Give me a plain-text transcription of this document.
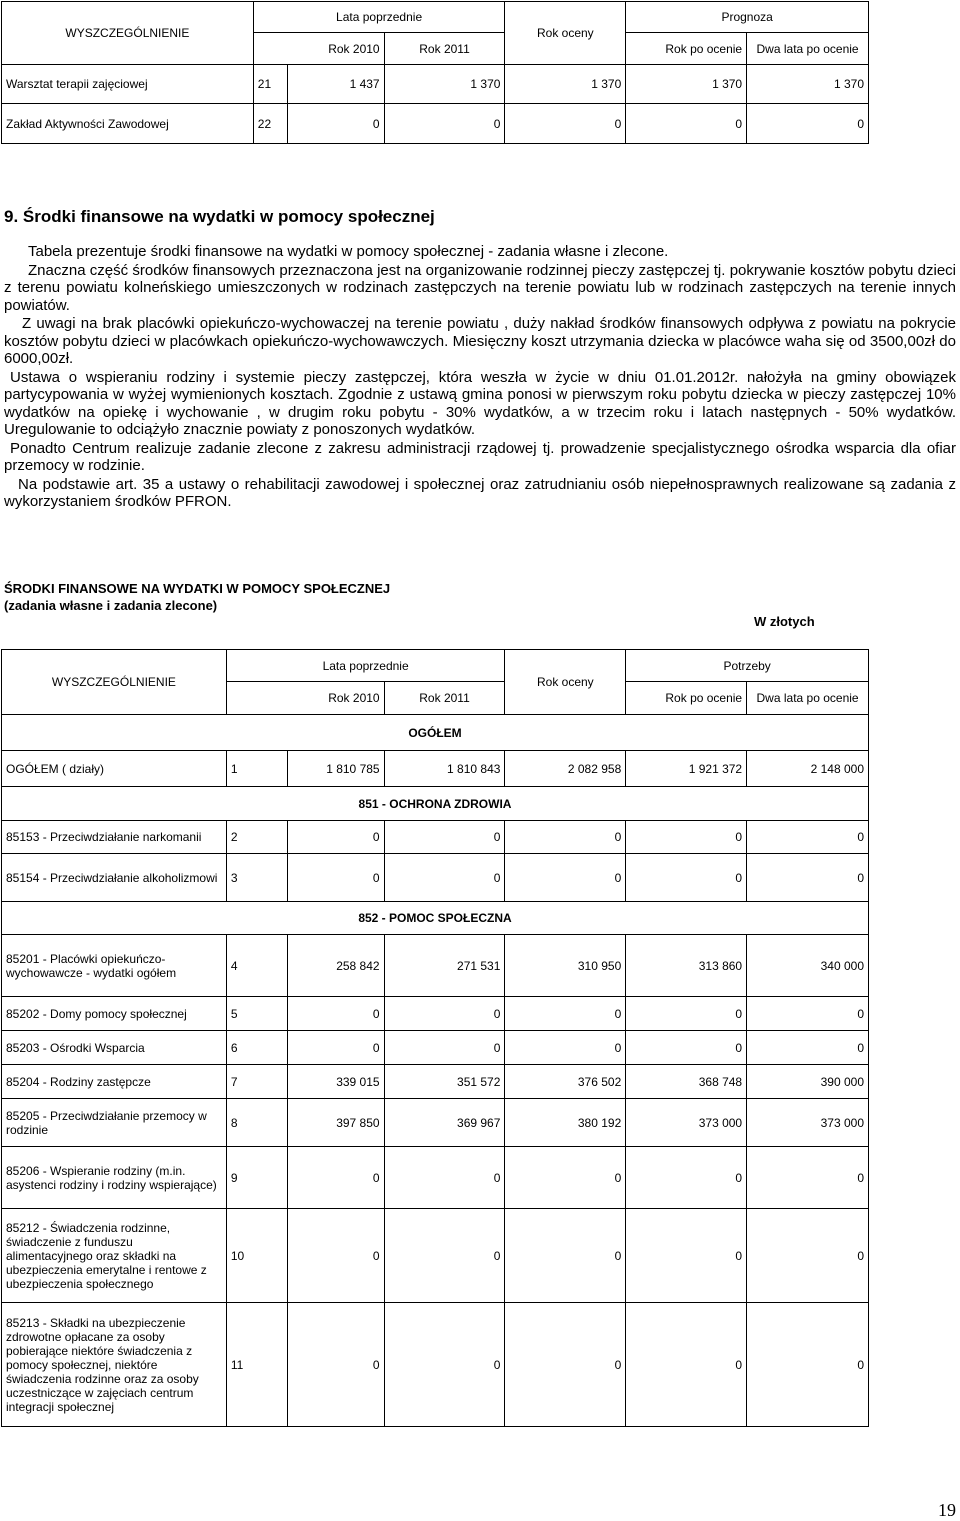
WYSZCZEGÓLNIENIE	Lata poprzednie			Rok oceny	Prognoza	
	Rok 2010		Rok 2011		Rok po ocenie	Dwa lata po ocenie
Warsztat terapii zajęciowej	21	1 437	1 370	1 370	1 370	1 370
Zakład Aktywności Zawodowej	22	0	0	0	0	0
9. Środki finansowe na wydatki w pomocy społecznej

Tabela prezentuje środki finansowe na wydatki w pomocy społecznej - zadania własne i zlecone.

Znaczna część środków finansowych przeznaczona jest na organizowanie rodzinnej pieczy zastępczej tj. pokrywanie kosztów pobytu dzieci z terenu powiatu kolneńskiego umieszczonych w rodzinach zastępczych na terenie powiatu lub w rodzinach zastępczych na terenie innych powiatów.

Z uwagi na brak placówki opiekuńczo-wychowaczej na terenie powiatu , duży nakład środków finansowych odpływa z powiatu na pokrycie kosztów pobytu dzieci w placówkach opiekuńczo-wychowawczych. Miesięczny koszt utrzymania dziecka w placówce waha się od 3500,00zł do 6000,00zł.

Ustawa o wspieraniu rodziny i systemie pieczy zastępczej, która weszła w życie w dniu 01.01.2012r. nałożyła na gminy obowiązek partycypowania w wyżej wymienionych kosztach. Zgodnie z ustawą gmina ponosi w pierwszym roku pobytu dziecka w pieczy zastępczej 10% wydatków na opiekę i wychowanie , w drugim roku pobytu - 30% wydatków, a w trzecim roku i latach następnych - 50% wydatków. Uregulowanie to odciążyło znacznie powiaty z ponoszonych wydatków.

Ponadto Centrum realizuje zadanie zlecone z zakresu administracji rządowej tj. prowadzenie specjalistycznego ośrodka wsparcia dla ofiar przemocy w rodzinie.

Na podstawie art. 35 a ustawy o rehabilitacji zawodowej i społecznej oraz zatrudnianiu osób niepełnosprawnych realizowane są zadania z wykorzystaniem środków PFRON.

ŚRODKI FINANSOWE NA WYDATKI W POMOCY SPOŁECZNEJ
(zadania własne i zadania zlecone)
W złotych
WYSZCZEGÓLNIENIE	Lata poprzednie			Rok oceny	Potrzeby	
	Rok 2010		Rok 2011		Rok po ocenie	Dwa lata po ocenie
OGÓŁEM						
OGÓŁEM ( działy)	1	1 810 785	1 810 843	2 082 958	1 921 372	2 148 000
851 - OCHRONA ZDROWIA						
85153 - Przeciwdziałanie narkomanii	2	0	0	0	0	0
85154 - Przeciwdziałanie alkoholizmowi	3	0	0	0	0	0
852 - POMOC SPOŁECZNA						
85201 - Placówki opiekuńczo-wychowawcze - wydatki ogółem	4	258 842	271 531	310 950	313 860	340 000
85202 - Domy pomocy społecznej	5	0	0	0	0	0
85203 - Ośrodki Wsparcia	6	0	0	0	0	0
85204 - Rodziny zastępcze	7	339 015	351 572	376 502	368 748	390 000
85205 - Przeciwdziałanie przemocy w rodzinie	8	397 850	369 967	380 192	373 000	373 000
85206 - Wspieranie rodziny (m.in. asystenci rodziny i rodziny wspierające)	9	0	0	0	0	0
85212 - Świadczenia rodzinne, świadczenie z funduszu alimentacyjnego oraz składki na ubezpieczenia emerytalne i rentowe z ubezpieczenia społecznego	10	0	0	0	0	0
85213 - Składki na ubezpieczenie zdrowotne opłacane za osoby pobierające niektóre świadczenia z pomocy społecznej, niektóre świadczenia rodzinne oraz za osoby uczestniczące w zajęciach centrum integracji społecznej	11	0	0	0	0	0
19
